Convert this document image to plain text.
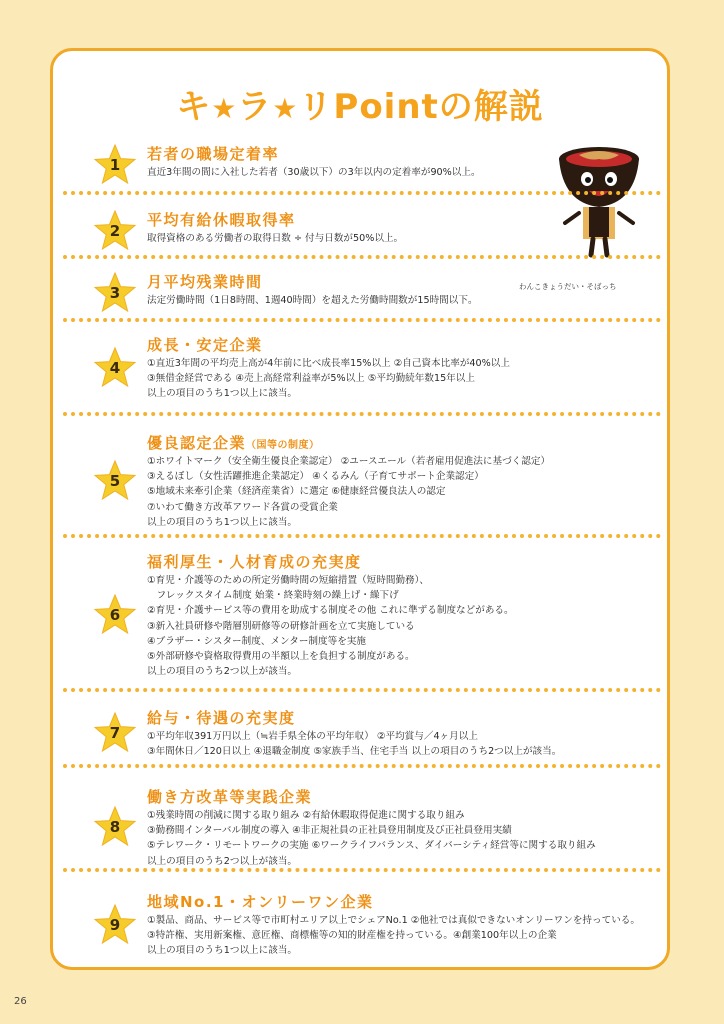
キ★ラ★リPointの解説
わんこきょうだい・そばっち
1
若者の職場定着率
直近3年間の間に入社した若者（30歳以下）の3年以内の定着率が90%以上。
2
平均有給休暇取得率
取得資格のある労働者の取得日数 ÷ 付与日数が50%以上。
3
月平均残業時間
法定労働時間（1日8時間、1週40時間）を超えた労働時間数が15時間以下。
4
成長・安定企業
①直近3年間の平均売上高が4年前に比べ成長率15%以上 ②自己資本比率が40%以上
③無借金経営である ④売上高経常利益率が5%以上 ⑤平均勤続年数15年以上
以上の項目のうち1つ以上に該当。
5
優良認定企業（国等の制度）
①ホワイトマーク（安全衛生優良企業認定） ②ユースエール（若者雇用促進法に基づく認定）
③えるぼし（女性活躍推進企業認定） ④くるみん（子育てサポート企業認定）
⑤地域未来牽引企業（経済産業省）に選定 ⑥健康経営優良法人の認定
⑦いわて働き方改革アワード各賞の受賞企業
以上の項目のうち1つ以上に該当。
6
福利厚生・人材育成の充実度
①育児・介護等のための所定労働時間の短縮措置（短時間勤務）、
　フレックスタイム制度 始業・終業時刻の繰上げ・繰下げ
②育児・介護サービス等の費用を助成する制度その他 これに準ずる制度などがある。
③新入社員研修や階層別研修等の研修計画を立て実施している
④ブラザー・シスター制度、メンター制度等を実施
⑤外部研修や資格取得費用の半額以上を負担する制度がある。
以上の項目のうち2つ以上が該当。
7
給与・待遇の充実度
①平均年収391万円以上（≒岩手県全体の平均年収） ②平均賞与／4ヶ月以上
③年間休日／120日以上 ④退職金制度 ⑤家族手当、住宅手当 以上の項目のうち2つ以上が該当。
8
働き方改革等実践企業
①残業時間の削減に関する取り組み ②有給休暇取得促進に関する取り組み
③勤務間インターバル制度の導入 ④非正規社員の正社員登用制度及び正社員登用実績
⑤テレワーク・リモートワークの実施 ⑥ワークライフバランス、ダイバーシティ経営等に関する取り組み
以上の項目のうち2つ以上が該当。
9
地域No.1・オンリーワン企業
①製品、商品、サービス等で市町村エリア以上でシェアNo.1 ②他社では真似できないオンリーワンを持っている。
③特許権、実用新案権、意匠権、商標権等の知的財産権を持っている。④創業100年以上の企業
以上の項目のうち1つ以上に該当。
26
